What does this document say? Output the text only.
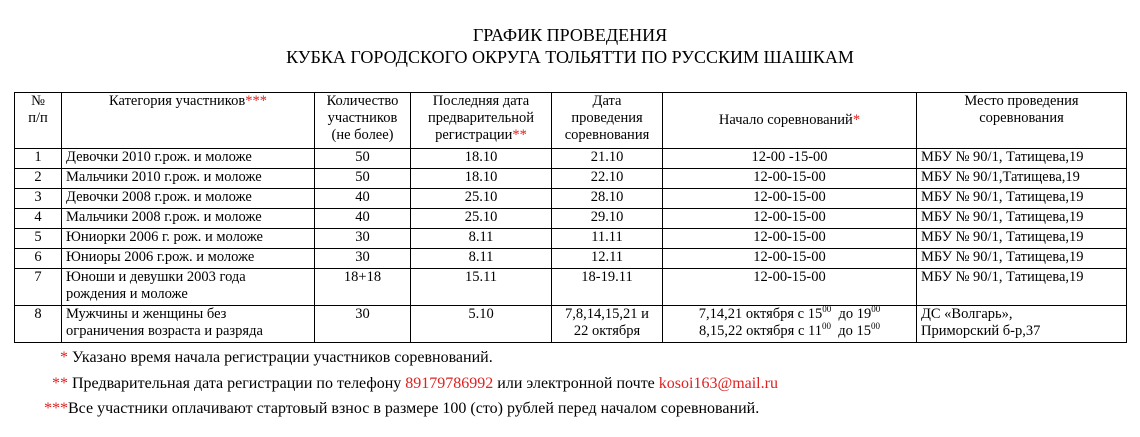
ГРАФИК ПРОВЕДЕНИЯ
КУБКА ГОРОДСКОГО ОКРУГА ТОЛЬЯТТИ ПО РУССКИМ ШАШКАМ
№
п/п	Категория участников***	Количество
участников
(не более)	Последняя дата
предварительной
регистрации**	Дата
проведения
соревнования	Начало соревнований*	Место проведения
соревнования
1	Девочки 2010 г.рож. и моложе	50	18.10	21.10	12-00 -15-00	МБУ № 90/1, Татищева,19
2	Мальчики 2010 г.рож. и моложе	50	18.10	22.10	12-00-15-00	МБУ № 90/1,Татищева,19
3	Девочки 2008 г.рож. и моложе	40	25.10	28.10	12-00-15-00	МБУ № 90/1, Татищева,19
4	Мальчики 2008 г.рож. и моложе	40	25.10	29.10	12-00-15-00	МБУ № 90/1, Татищева,19
5	Юниорки 2006 г. рож. и моложе	30	8.11	11.11	12-00-15-00	МБУ № 90/1, Татищева,19
6	Юниоры 2006 г.рож. и моложе	30	8.11	12.11	12-00-15-00	МБУ № 90/1, Татищева,19
7	Юноши и девушки 2003 года
рождения и моложе	18+18	15.11	18-19.11	12-00-15-00	МБУ № 90/1, Татищева,19
8	Мужчины и женщины без
ограничения возраста и разряда	30	5.10	7,8,14,15,21 и
22 октября	7,14,21 октября с $15^{00}$  до $19^{00}$
8,15,22 октября с $11^{00}$  до $15^{00}$	ДС «Волгарь»,
Приморский б-р,37
* Указано время начала регистрации участников соревнований.
** Предварительная дата регистрации по телефону 89179786992 или электронной почте kosoi163@mail.ru
***Все участники оплачивают стартовый взнос в размере 100 (сто) рублей перед началом соревнований.
